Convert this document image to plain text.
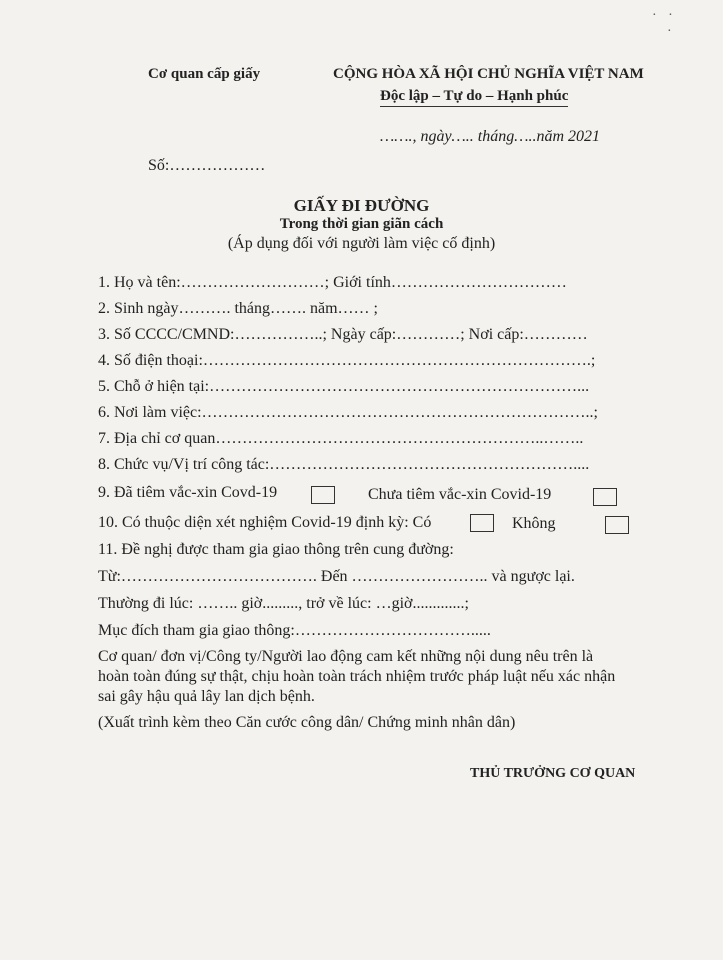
· ·
·
Cơ quan cấp giấy	CỘNG HÒA XÃ HỘI CHỦ NGHĨA VIỆT NAM
Độc lập – Tự do – Hạnh phúc
……., ngày….. tháng…..năm 2021
Số:………………
GIẤY ĐI ĐƯỜNG
Trong thời gian giãn cách
(Áp dụng đối với người làm việc cố định)
1. Họ và tên:………………………; Giới tính……………………………
2. Sinh ngày………. tháng……. năm…… ;
3. Số CCCC/CMND:……………..; Ngày cấp:…………; Nơi cấp:…………
4. Số điện thoại:……………………………………………………………….;
5. Chỗ ở hiện tại:……………………………………………………………...
6. Nơi làm việc:………………………………………………………………..;
7. Địa chỉ cơ quan……………………………………………………..……..
8. Chức vụ/Vị trí công tác:…………………………………………………....
9. Đã tiêm vắc-xin Covd-19	Chưa tiêm vắc-xin Covid-19
10. Có thuộc diện xét nghiệm Covid-19 định kỳ: Có	Không
11. Đề nghị được tham gia giao thông trên cung đường:
Từ:………………………………. Đến …………………….. và ngược lại.
Thường đi lúc: …….. giờ........., trở về lúc: …giờ.............;
Mục đích tham gia giao thông:…………………………….....
Cơ quan/ đơn vị/Công ty/Người lao động cam kết những nội dung nêu trên là
hoàn toàn đúng sự thật, chịu hoàn toàn trách nhiệm trước pháp luật nếu xác nhận
sai gây hậu quả lây lan dịch bệnh.
(Xuất trình kèm theo Căn cước công dân/ Chứng minh nhân dân)
THỦ TRƯỞNG CƠ QUAN
